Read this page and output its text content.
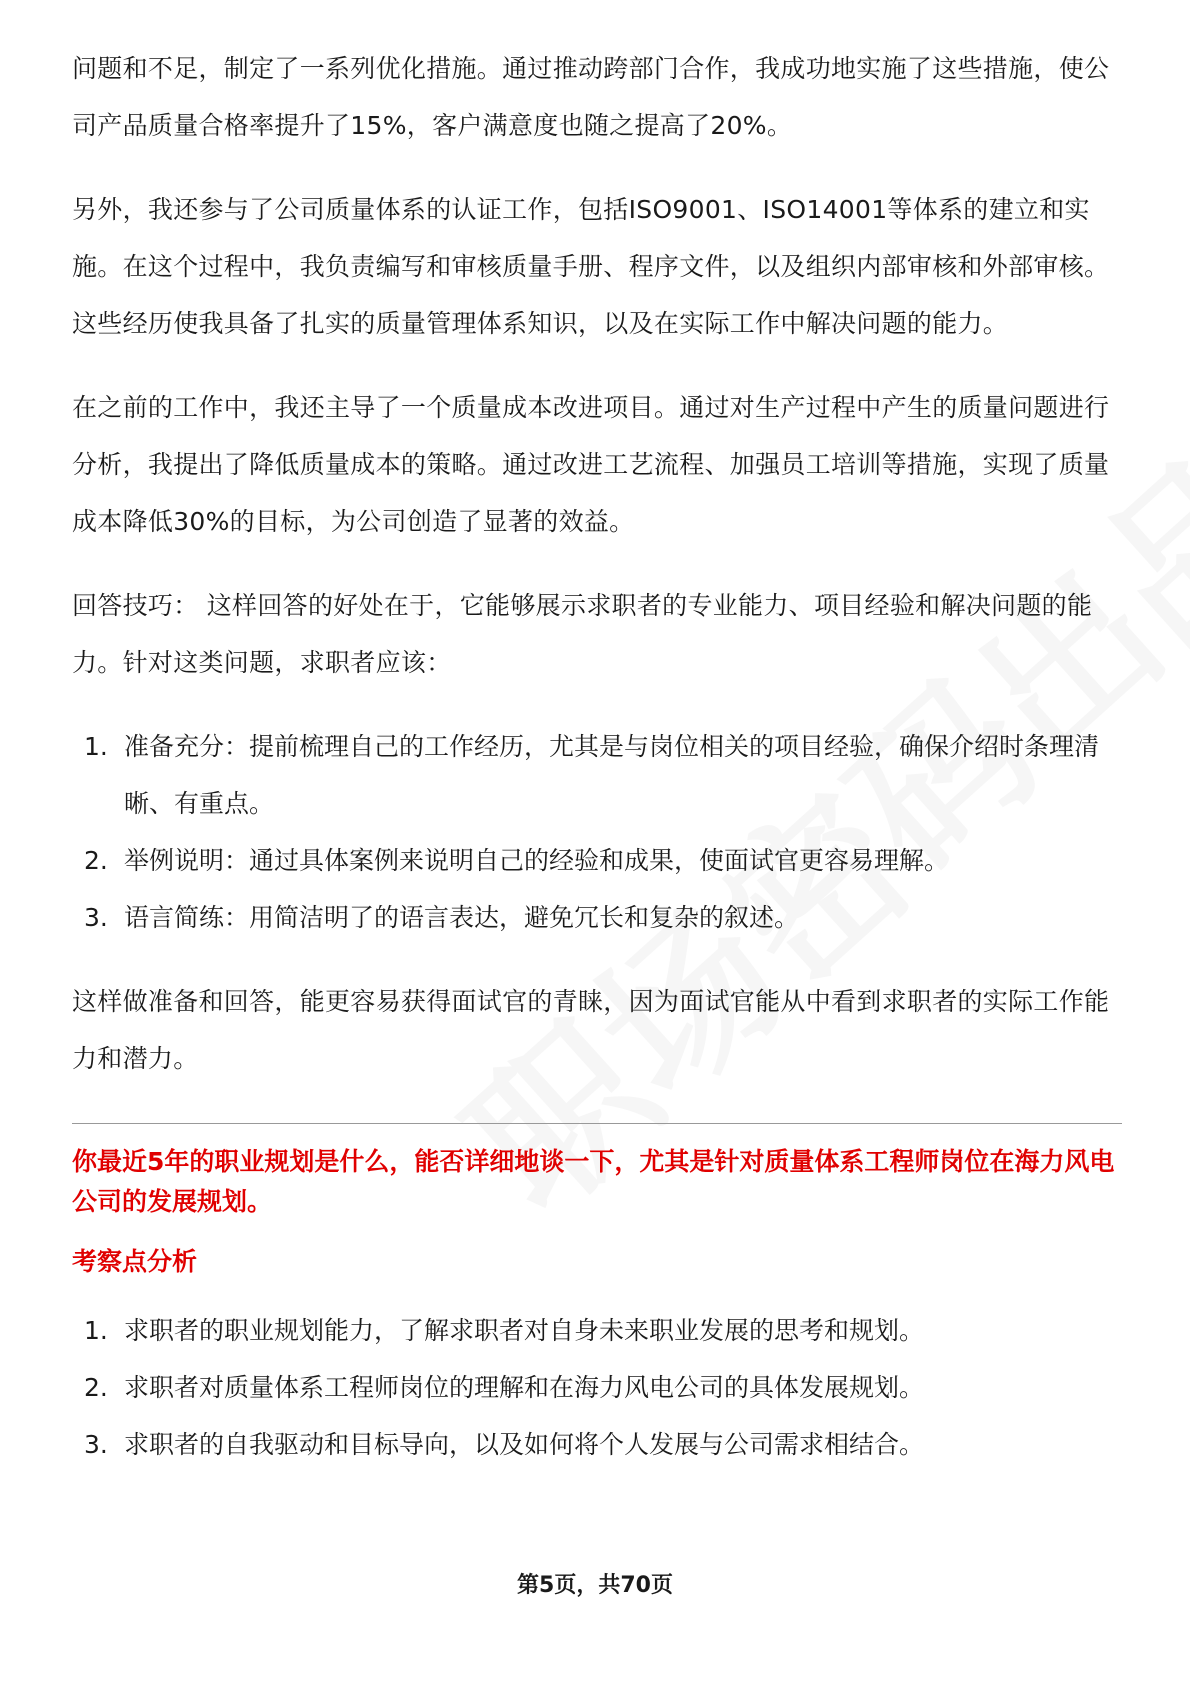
问题和不足，制定了一系列优化措施。通过推动跨部门合作，我成功地实施了这些措施，使公司产品质量合格率提升了15%，客户满意度也随之提高了20%。

另外，我还参与了公司质量体系的认证工作，包括ISO9001、ISO14001等体系的建立和实施。在这个过程中，我负责编写和审核质量手册、程序文件，以及组织内部审核和外部审核。这些经历使我具备了扎实的质量管理体系知识，以及在实际工作中解决问题的能力。

在之前的工作中，我还主导了一个质量成本改进项目。通过对生产过程中产生的质量问题进行分析，我提出了降低质量成本的策略。通过改进工艺流程、加强员工培训等措施，实现了质量成本降低30%的目标，为公司创造了显著的效益。

回答技巧： 这样回答的好处在于，它能够展示求职者的专业能力、项目经验和解决问题的能力。针对这类问题，求职者应该：

1. 准备充分：提前梳理自己的工作经历，尤其是与岗位相关的项目经验，确保介绍时条理清晰、有重点。
2. 举例说明：通过具体案例来说明自己的经验和成果，使面试官更容易理解。
3. 语言简练：用简洁明了的语言表达，避免冗长和复杂的叙述。

这样做准备和回答，能更容易获得面试官的青睐，因为面试官能从中看到求职者的实际工作能力和潜力。

你最近5年的职业规划是什么，能否详细地谈一下，尤其是针对质量体系工程师岗位在海力风电公司的发展规划。

考察点分析

1. 求职者的职业规划能力，了解求职者对自身未来职业发展的思考和规划。
2. 求职者对质量体系工程师岗位的理解和在海力风电公司的具体发展规划。
3. 求职者的自我驱动和目标导向，以及如何将个人发展与公司需求相结合。
第5页，共70页
